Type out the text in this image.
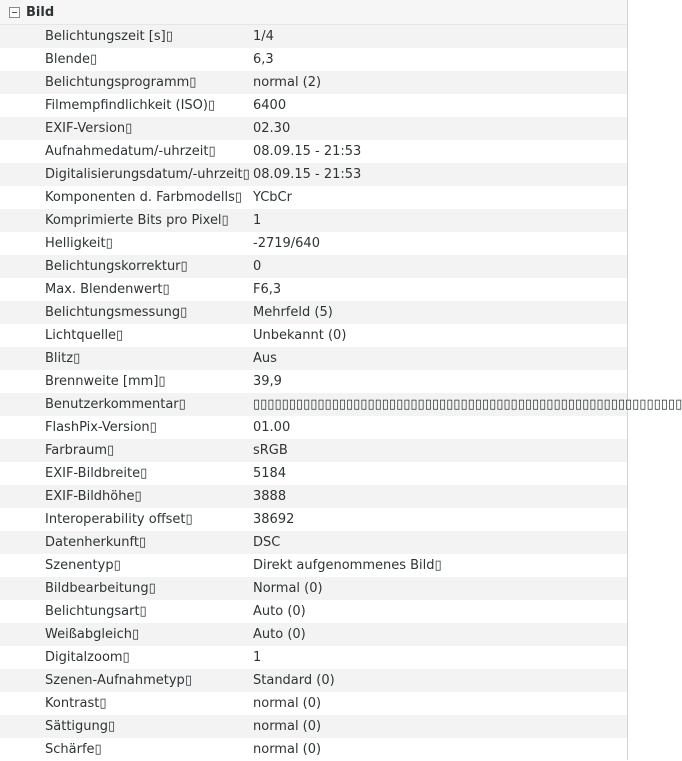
Bild
Belichtungszeit [s]▯	1/4
Blende▯	6,3
Belichtungsprogramm▯	normal (2)
Filmempfindlichkeit (ISO)▯	6400
EXIF-Version▯	02.30
Aufnahmedatum/-uhrzeit▯	08.09.15 - 21:53
Digitalisierungsdatum/-uhrzeit▯ 08.09.15 - 21:53
Komponenten d. Farbmodells▯ YCbCr
Komprimierte Bits pro Pixel▯	1
Helligkeit▯	-2719/640
Belichtungskorrektur▯	0
Max. Blendenwert▯	F6,3
Belichtungsmessung▯	Mehrfeld (5)
Lichtquelle▯	Unbekannt (0)
Blitz▯	Aus
Brennweite [mm]▯	39,9
Benutzerkommentar▯	▯▯▯▯▯▯▯▯▯▯▯▯▯▯▯▯▯▯▯▯▯▯▯▯▯▯▯▯▯▯▯▯▯▯▯▯▯▯▯▯▯▯▯▯▯▯▯▯▯▯▯▯▯▯▯▯▯▯▯▯
FlashPix-Version▯	01.00
Farbraum▯	sRGB
EXIF-Bildbreite▯	5184
EXIF-Bildhöhe▯	3888
Interoperability offset▯	38692
Datenherkunft▯	DSC
Szenentyp▯	Direkt aufgenommenes Bild▯
Bildbearbeitung▯	Normal (0)
Belichtungsart▯	Auto (0)
Weißabgleich▯	Auto (0)
Digitalzoom▯	1
Szenen-Aufnahmetyp▯	Standard (0)
Kontrast▯	normal (0)
Sättigung▯	normal (0)
Schärfe▯	normal (0)
